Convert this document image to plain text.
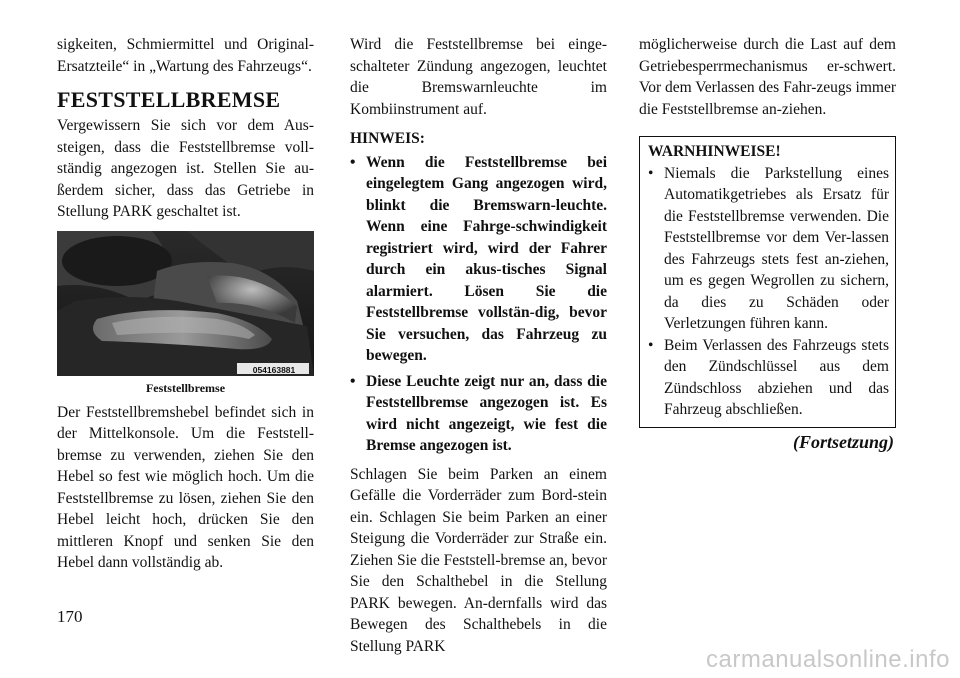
sigkeiten, Schmiermittel und Original-Ersatzteile“ in „Wartung des Fahrzeugs“.

FESTSTELLBREMSE

Vergewissern Sie sich vor dem Aus-steigen, dass die Feststellbremse voll-ständig angezogen ist. Stellen Sie au-ßerdem sicher, dass das Getriebe in Stellung PARK geschaltet ist.

Feststellbremse

Der Feststellbremshebel befindet sich in der Mittelkonsole. Um die Feststell-bremse zu verwenden, ziehen Sie den Hebel so fest wie möglich hoch. Um die Feststellbremse zu lösen, ziehen Sie den Hebel leicht hoch, drücken Sie den mittleren Knopf und senken Sie den Hebel dann vollständig ab.

054163881

Wird die Feststellbremse bei einge-schalteter Zündung angezogen, leuchtet die Bremswarnleuchte im Kombiinstrument auf.

HINWEIS:

• Wenn die Feststellbremse bei eingelegtem Gang angezogen wird, blinkt die Bremswarn-leuchte. Wenn eine Fahrge-schwindigkeit registriert wird, wird der Fahrer durch ein akus-tisches Signal alarmiert. Lösen Sie die Feststellbremse vollstän-dig, bevor Sie versuchen, das Fahrzeug zu bewegen.
• Diese Leuchte zeigt nur an, dass die Feststellbremse angezogen ist. Es wird nicht angezeigt, wie fest die Bremse angezogen ist.

Schlagen Sie beim Parken an einem Gefälle die Vorderräder zum Bord-stein ein. Schlagen Sie beim Parken an einer Steigung die Vorderräder zur Straße ein. Ziehen Sie die Feststell-bremse an, bevor Sie den Schalthebel in die Stellung PARK bewegen. An-dernfalls wird das Bewegen des Schalthebels in die Stellung PARK

möglicherweise durch die Last auf dem Getriebesperrmechanismus er-schwert. Vor dem Verlassen des Fahr-zeugs immer die Feststellbremse an-ziehen.

WARNHINWEISE!
• Niemals die Parkstellung eines Automatikgetriebes als Ersatz für die Feststellbremse verwenden. Die Feststellbremse vor dem Ver-lassen des Fahrzeugs stets fest an-ziehen, um es gegen Wegrollen zu sichern, da dies zu Schäden oder Verletzungen führen kann.
• Beim Verlassen des Fahrzeugs stets den Zündschlüssel aus dem Zündschloss abziehen und das Fahrzeug abschließen.
(Fortsetzung)
170
carmanualsonline.info
